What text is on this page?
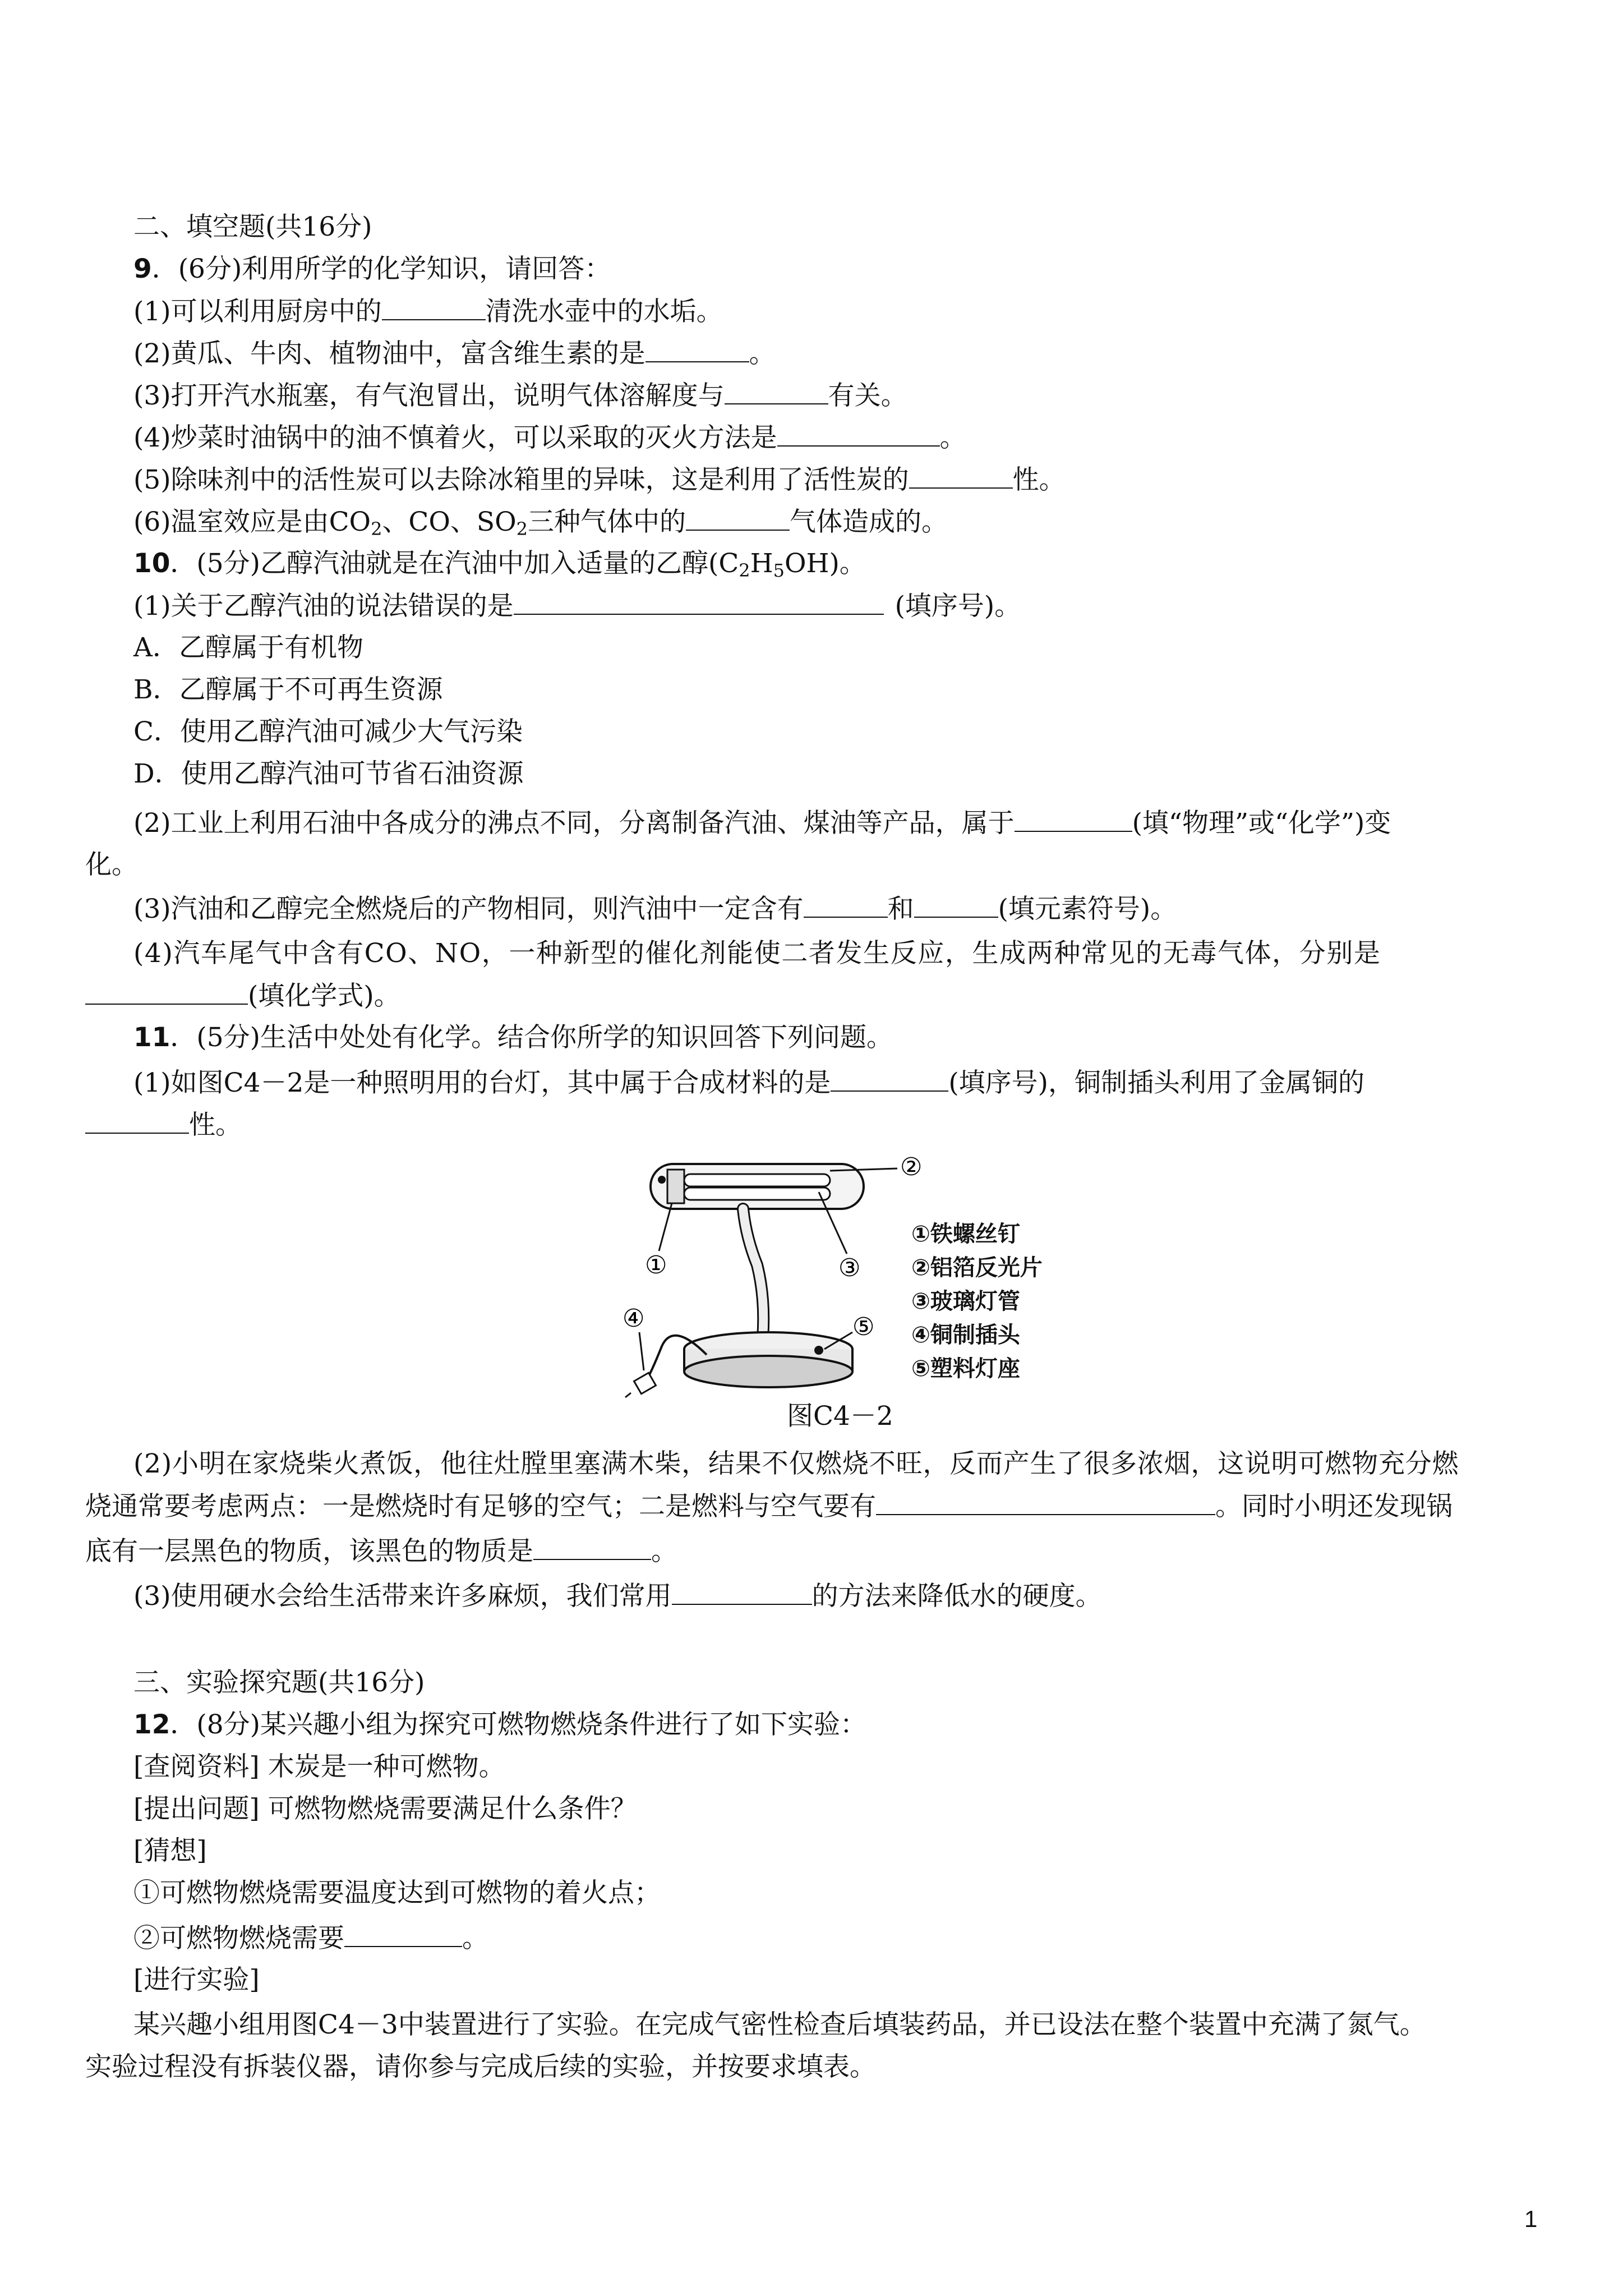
二、填空题(共16分)
9．(6分)利用所学的化学知识，请回答：
(1)可以利用厨房中的	清洗水壶中的水垢。
(2)黄瓜、牛肉、植物油中，富含维生素的是	。
(3)打开汽水瓶塞，有气泡冒出，说明气体溶解度与	有关。
(4)炒菜时油锅中的油不慎着火，可以采取的灭火方法是	。
(5)除味剂中的活性炭可以去除冰箱里的异味，这是利用了活性炭的	性。
(6)温室效应是由$CO_2$、CO、$SO_2$三种气体中的	气体造成的。
10．(5分)乙醇汽油就是在汽油中加入适量的乙醇$(C_2H_5OH)$。
(1)关于乙醇汽油的说法错误的是	(填序号)。
A．乙醇属于有机物
B．乙醇属于不可再生资源
C．使用乙醇汽油可减少大气污染
D．使用乙醇汽油可节省石油资源
(2)工业上利用石油中各成分的沸点不同，分离制备汽油、煤油等产品，属于	(填“物理”或“化学”)变
化。
(3)汽油和乙醇完全燃烧后的产物相同，则汽油中一定含有	和	(填元素符号)。
(4)汽车尾气中含有CO、NO，一种新型的催化剂能使二者发生反应，生成两种常见的无毒气体，分别是
(填化学式)。
11．(5分)生活中处处有化学。结合你所学的知识回答下列问题。
(1)如图C4－2是一种照明用的台灯，其中属于合成材料的是	(填序号)，铜制插头利用了金属铜的
性。
②
①	③
④	⑤
①铁螺丝钉
②铝箔反光片
③玻璃灯管
④铜制插头
⑤塑料灯座
图C4－2
(2)小明在家烧柴火煮饭，他往灶膛里塞满木柴，结果不仅燃烧不旺，反而产生了很多浓烟，这说明可燃物充分燃
烧通常要考虑两点：一是燃烧时有足够的空气；二是燃料与空气要有	。同时小明还发现锅
底有一层黑色的物质，该黑色的物质是	。
(3)使用硬水会给生活带来许多麻烦，我们常用	的方法来降低水的硬度。
三、实验探究题(共16分)
12．(8分)某兴趣小组为探究可燃物燃烧条件进行了如下实验：
[查阅资料] 木炭是一种可燃物。
[提出问题] 可燃物燃烧需要满足什么条件？
[猜想]
①可燃物燃烧需要温度达到可燃物的着火点；
②可燃物燃烧需要	。
[进行实验]
某兴趣小组用图C4－3中装置进行了实验。在完成气密性检查后填装药品，并已设法在整个装置中充满了氮气。
实验过程没有拆装仪器，请你参与完成后续的实验，并按要求填表。
1
